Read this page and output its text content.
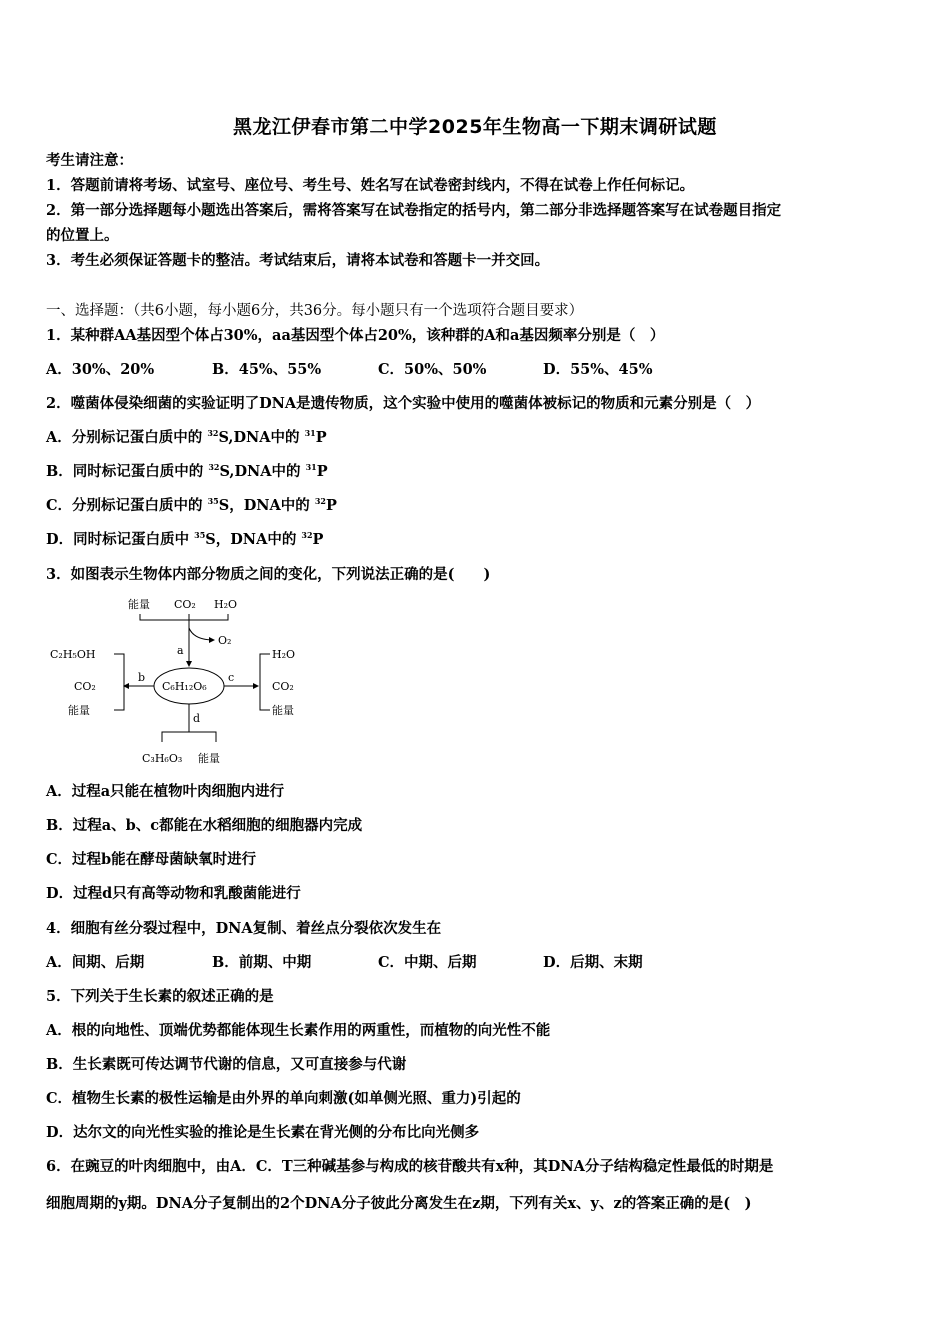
黑龙江伊春市第二中学2025年生物高一下期末调研试题
考生请注意：
1．答题前请将考场、试室号、座位号、考生号、姓名写在试卷密封线内，不得在试卷上作任何标记。
2．第一部分选择题每小题选出答案后，需将答案写在试卷指定的括号内，第二部分非选择题答案写在试卷题目指定
的位置上。
3．考生必须保证答题卡的整洁。考试结束后，请将本试卷和答题卡一并交回。
一、选择题：（共6小题，每小题6分，共36分。每小题只有一个选项符合题目要求）
1．某种群AA基因型个体占30%，aa基因型个体占20%，该种群的A和a基因频率分别是（　）
A．30%、20%	B．45%、55%	C．50%、50%	D．55%、45%
2．噬菌体侵染细菌的实验证明了DNA是遗传物质，这个实验中使用的噬菌体被标记的物质和元素分别是（　）
A．分别标记蛋白质中的 $^{32}$S,DNA中的 $^{31}$P
B．同时标记蛋白质中的 $^{32}$S,DNA中的 $^{31}$P
C．分别标记蛋白质中的 $^{35}$S，DNA中的 $^{32}$P
D．同时标记蛋白质中 $^{35}$S，DNA中的 $^{32}$P
3．如图表示生物体内部分物质之间的变化，下列说法正确的是(　　)
能量 CO₂ H₂O
O₂
a
C₆H₁₂O₆
b
C₂H₅OH
CO₂
能量
c
H₂O
CO₂
能量
d
C₃H₆O₃ 能量
A．过程a只能在植物叶肉细胞内进行
B．过程a、b、c都能在水稻细胞的细胞器内完成
C．过程b能在酵母菌缺氧时进行
D．过程d只有高等动物和乳酸菌能进行
4．细胞有丝分裂过程中，DNA复制、着丝点分裂依次发生在
A．间期、后期	B．前期、中期	C．中期、后期	D．后期、末期
5．下列关于生长素的叙述正确的是
A．根的向地性、顶端优势都能体现生长素作用的两重性，而植物的向光性不能
B．生长素既可传达调节代谢的信息，又可直接参与代谢
C．植物生长素的极性运输是由外界的单向刺激(如单侧光照、重力)引起的
D．达尔文的向光性实验的推论是生长素在背光侧的分布比向光侧多
6．在豌豆的叶肉细胞中，由A．C．T三种碱基参与构成的核苷酸共有x种，其DNA分子结构稳定性最低的时期是
细胞周期的y期。DNA分子复制出的2个DNA分子彼此分离发生在z期，下列有关x、y、z的答案正确的是(　)
